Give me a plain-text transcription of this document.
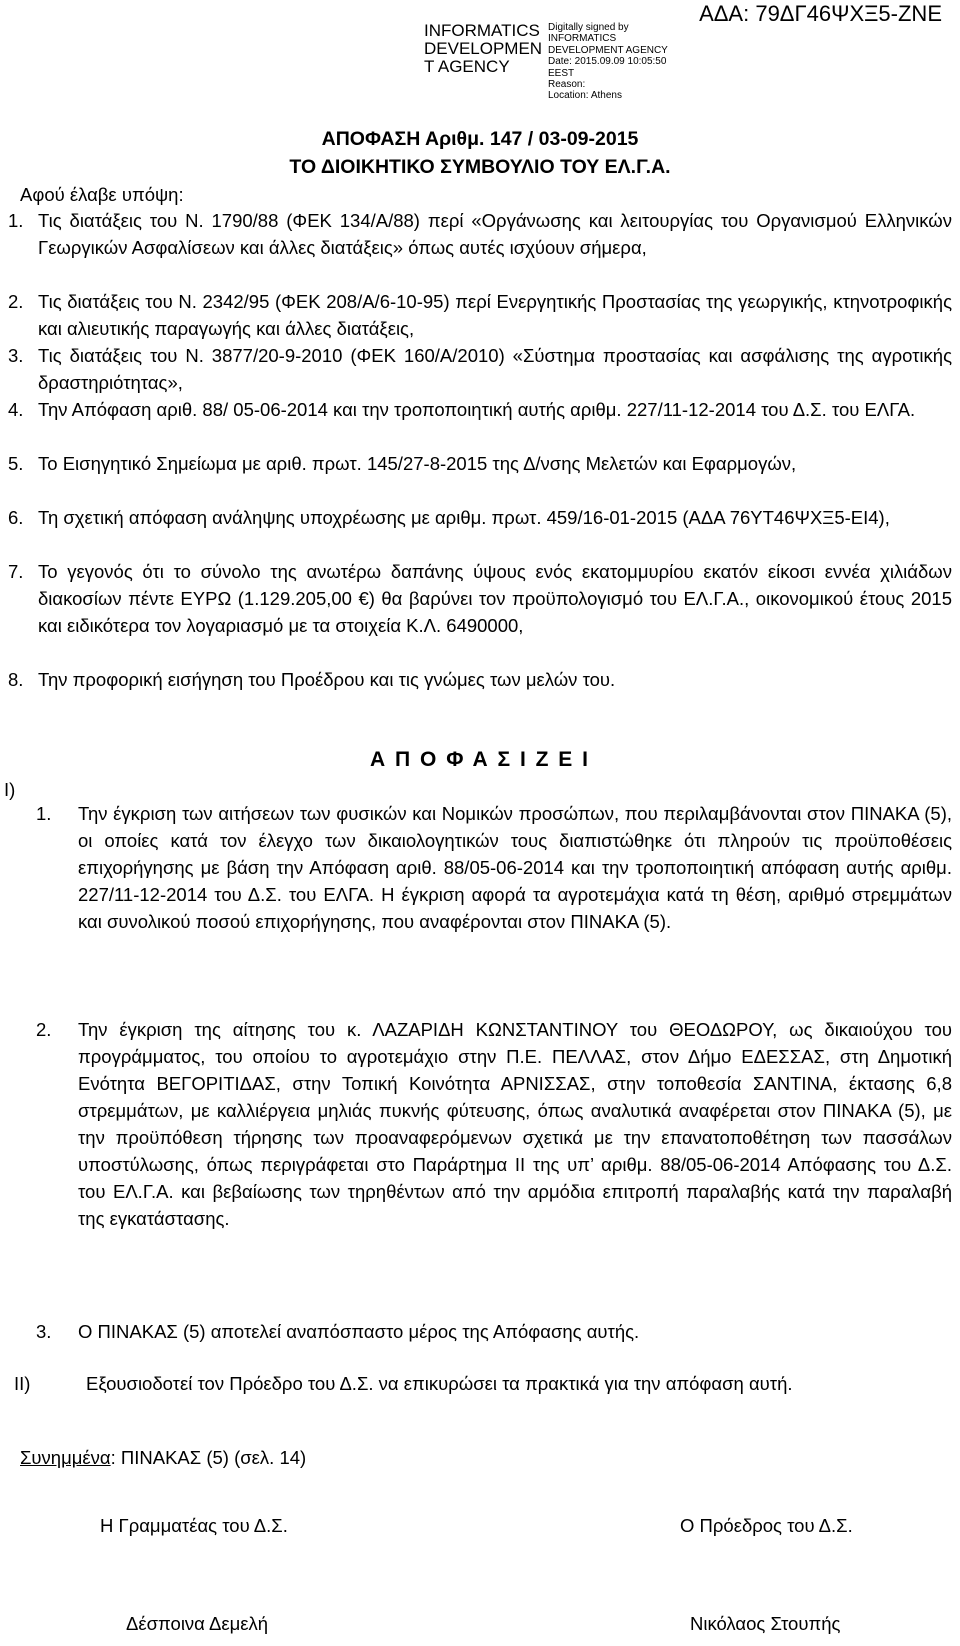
INFORMATICS DEVELOPMEN T AGENCY
Digitally signed by
INFORMATICS
DEVELOPMENT AGENCY
Date: 2015.09.09 10:05:50
EEST
Reason:
Location: Athens
ΑΔΑ: 79ΔΓ46ΨΧΞ5-ΖΝΕ
ΑΠΟΦΑΣΗ Αριθμ. 147 / 03-09-2015
ΤΟ ΔΙΟΙΚΗΤΙΚΟ ΣΥΜΒΟΥΛΙΟ ΤΟΥ ΕΛ.Γ.Α.
Αφού έλαβε υπόψη:
1. Τις διατάξεις του Ν. 1790/88 (ΦΕΚ 134/Α/88) περί «Οργάνωσης και λειτουργίας του Οργανισμού Ελληνικών Γεωργικών Ασφαλίσεων και άλλες διατάξεις» όπως αυτές ισχύουν σήμερα,
2. Τις διατάξεις του Ν. 2342/95 (ΦΕΚ 208/Α/6-10-95) περί Ενεργητικής Προστασίας της γεωργικής, κτηνοτροφικής και αλιευτικής παραγωγής και άλλες διατάξεις,
3. Τις διατάξεις του Ν. 3877/20-9-2010 (ΦΕΚ 160/Α/2010) «Σύστημα προστασίας και ασφάλισης της αγροτικής δραστηριότητας»,
4. Την Απόφαση αριθ. 88/ 05-06-2014 και την τροποποιητική αυτής αριθμ. 227/11-12-2014 του Δ.Σ. του ΕΛΓΑ.
5. Το Εισηγητικό Σημείωμα με αριθ. πρωτ. 145/27-8-2015 της Δ/νσης Μελετών και Εφαρμογών,
6. Τη σχετική απόφαση ανάληψης υποχρέωσης με αριθμ. πρωτ. 459/16-01-2015 (ΑΔΑ 76ΥΤ46ΨΧΞ5-ΕΙ4),
7. Το γεγονός ότι το σύνολο της ανωτέρω δαπάνης ύψους ενός εκατομμυρίου εκατόν είκοσι εννέα χιλιάδων διακοσίων πέντε ΕΥΡΩ (1.129.205,00 €) θα βαρύνει τον προϋπολογισμό του ΕΛ.Γ.Α., οικονομικού έτους 2015 και ειδικότερα τον λογαριασμό με τα στοιχεία Κ.Λ. 6490000,
8. Την προφορική εισήγηση του Προέδρου και τις γνώμες των μελών του.
Α Π Ο Φ Α Σ Ι Ζ Ε Ι
I)
1.	Την έγκριση των αιτήσεων των φυσικών και Νομικών προσώπων, που περιλαμβάνονται στον ΠΙΝΑΚΑ (5), οι οποίες κατά τον έλεγχο των δικαιολογητικών τους διαπιστώθηκε ότι πληρούν τις προϋποθέσεις επιχορήγησης με βάση την Απόφαση αριθ. 88/05-06-2014 και την τροποποιητική απόφαση αυτής αριθμ. 227/11-12-2014 του Δ.Σ. του ΕΛΓΑ. Η έγκριση αφορά τα αγροτεμάχια κατά τη θέση, αριθμό στρεμμάτων και συνολικού ποσού επιχορήγησης, που αναφέρονται στον ΠΙΝΑΚΑ (5).
2.	Την έγκριση της αίτησης του κ. ΛΑΖΑΡΙΔΗ ΚΩΝΣΤΑΝΤΙΝΟΥ του ΘΕΟΔΩΡΟΥ, ως δικαιούχου του προγράμματος, του οποίου το αγροτεμάχιο στην Π.Ε. ΠΕΛΛΑΣ, στον Δήμο ΕΔΕΣΣΑΣ, στη Δημοτική Ενότητα ΒΕΓΟΡΙΤΙΔΑΣ, στην Τοπική Κοινότητα ΑΡΝΙΣΣΑΣ, στην τοποθεσία ΣΑΝΤΙΝΑ, έκτασης 6,8 στρεμμάτων, με καλλιέργεια μηλιάς πυκνής φύτευσης, όπως αναλυτικά αναφέρεται στον ΠΙΝΑΚΑ (5), με την προϋπόθεση τήρησης των προαναφερόμενων σχετικά με την επανατοποθέτηση των πασσάλων υποστύλωσης, όπως περιγράφεται στο Παράρτημα ΙΙ της υπ’ αριθμ. 88/05-06-2014 Απόφασης του Δ.Σ. του ΕΛ.Γ.Α. και βεβαίωσης των τηρηθέντων από την αρμόδια επιτροπή παραλαβής κατά την παραλαβή της εγκατάστασης.
3.	Ο ΠΙΝΑΚΑΣ (5) αποτελεί αναπόσπαστο μέρος της Απόφασης αυτής.
II)	Εξουσιοδοτεί τον Πρόεδρο του Δ.Σ. να επικυρώσει τα πρακτικά για την απόφαση αυτή.
Συνημμένα: ΠΙΝΑΚΑΣ (5) (σελ. 14)
Η Γραμματέας του Δ.Σ.	Ο Πρόεδρος του Δ.Σ.
Δέσποινα Δεμελή	Νικόλαος Στουπής
